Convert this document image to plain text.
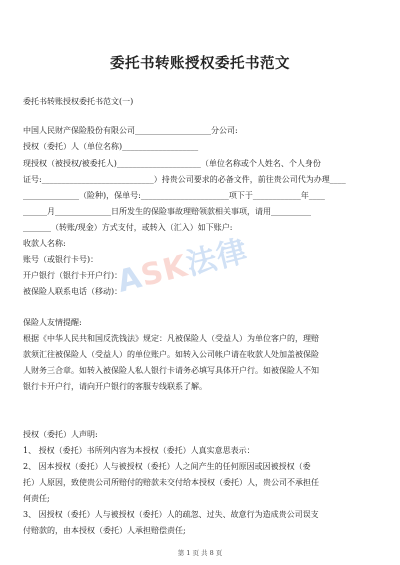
委托书转账授权委托书范文
委托书转账授权委托书范文(一)
中国人民财产保险股份有限公司___________________分公司:
授权（委托）人（单位名称)___________________
现授权（被授权/被委托人)_____________________（单位名称或个人姓名、个人身份
证号:____________________________）持贵公司要求的必备文件，前往贵公司代为办理____
______________（险种)，保单号:______________________项下于____________年____
______月______________日所发生的保险事故理赔领款相关事项，请用__________
_______（转账/现金）方式支付，或转入（汇入）如下账户:
收款人名称:
账号（或银行卡号)：
开户银行（银行卡开户行)：
被保险人联系电话（移动)：
保险人友情提醒:
根据《中华人民共和国反洗钱法》规定：凡被保险人（受益人）为单位客户的，理赔
款须汇往被保险人（受益人）的单位账户。如转入公司帐户请在收款人处加盖被保险
人财务三合章。如转入被保险人私人银行卡请务必填写具体开户行。如被保险人不知
银行卡开户行，请向开户银行的客服专线联系了解。
授权（委托）人声明:
1、 授权（委托）书所列内容为本授权（委托）人真实意思表示：
2、 因本授权（委托）人与被授权（委托）人之间产生的任何原因或因被授权（委
托）人原因，致使贵公司所赔付的赔款未交付给本授权（委托）人，贵公司不承担任
何责任;
3、 因授权（委托）人与被授权（委托）人的疏忽、过失、故意行为造成贵公司误支
付赔款的，由本授权（委托）人承担赔偿责任;
ASK法律
第 1 页 共 8 页
